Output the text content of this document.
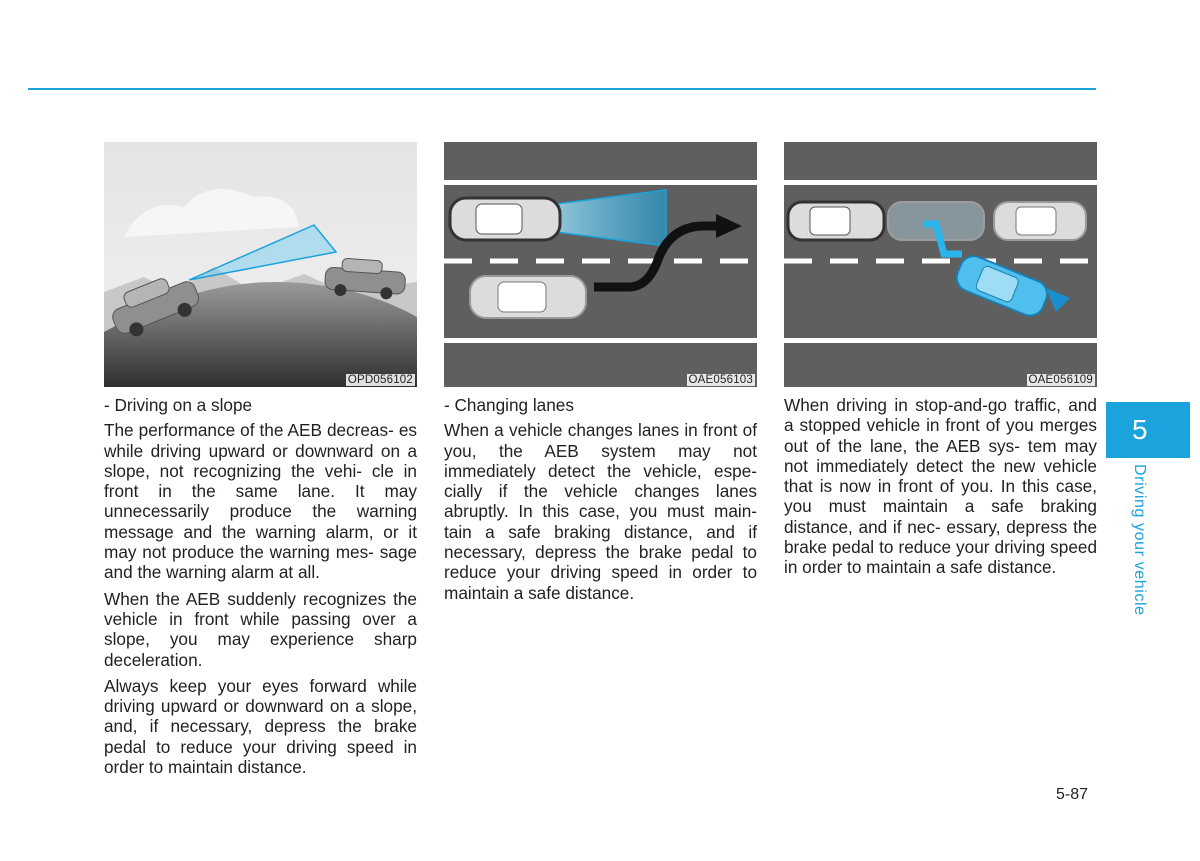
OPD056102

- Driving on a slope

The performance of the AEB decreas- es while driving upward or downward on a slope, not recognizing the vehi- cle in front in the same lane. It may unnecessarily produce the warning message and the warning alarm, or it may not produce the warning mes- sage and the warning alarm at all.

When the AEB suddenly recognizes the vehicle in front while passing over a slope, you may experience sharp deceleration.

Always keep your eyes forward while driving upward or downward on a slope, and, if necessary, depress the brake pedal to reduce your driving speed in order to maintain distance.

OAE056103

- Changing lanes

When a vehicle changes lanes in front of you, the AEB system may not immediately detect the vehicle, espe- cially if the vehicle changes lanes abruptly. In this case, you must main- tain a safe braking distance, and if necessary, depress the brake pedal to reduce your driving speed in order to maintain a safe distance.

OAE056109

When driving in stop-and-go traffic, and a stopped vehicle in front of you merges out of the lane, the AEB sys- tem may not immediately detect the new vehicle that is now in front of you. In this case, you must maintain a safe braking distance, and if nec- essary, depress the brake pedal to reduce your driving speed in order to maintain a safe distance.

5
Driving your vehicle
5-87
